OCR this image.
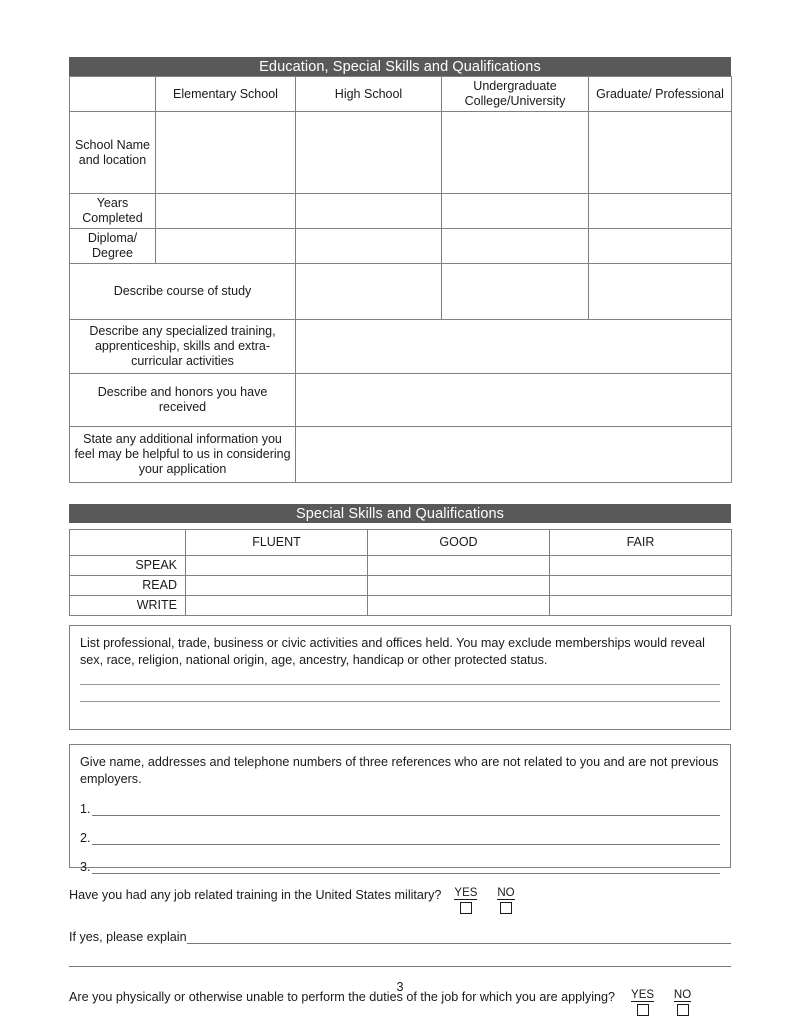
Education, Special Skills and Qualifications
	Elementary School	High School	Undergraduate College/University	Graduate/ Professional
School Name and location				
Years Completed				
Diploma/ Degree				
Describe course of study				
Describe any specialized training, apprenticeship, skills and extra-curricular activities				
Describe and honors you have received				
State any additional information you feel may be helpful to us in considering your application				
Special Skills and Qualifications
	FLUENT	GOOD	FAIR
SPEAK			
READ			
WRITE			

List professional, trade, business or civic activities and offices held. You may exclude memberships would reveal sex, race, religion, national origin, age, ancestry, handicap or other protected status.

Give name, addresses and telephone numbers of three references who are not related to you and are not previous employers.

1.
2.
3.
Have you had any job related training in the United States military? YES NO
If yes, please explain
Are you physically or otherwise unable to perform the duties of the job for which you are applying? YES NO
3
